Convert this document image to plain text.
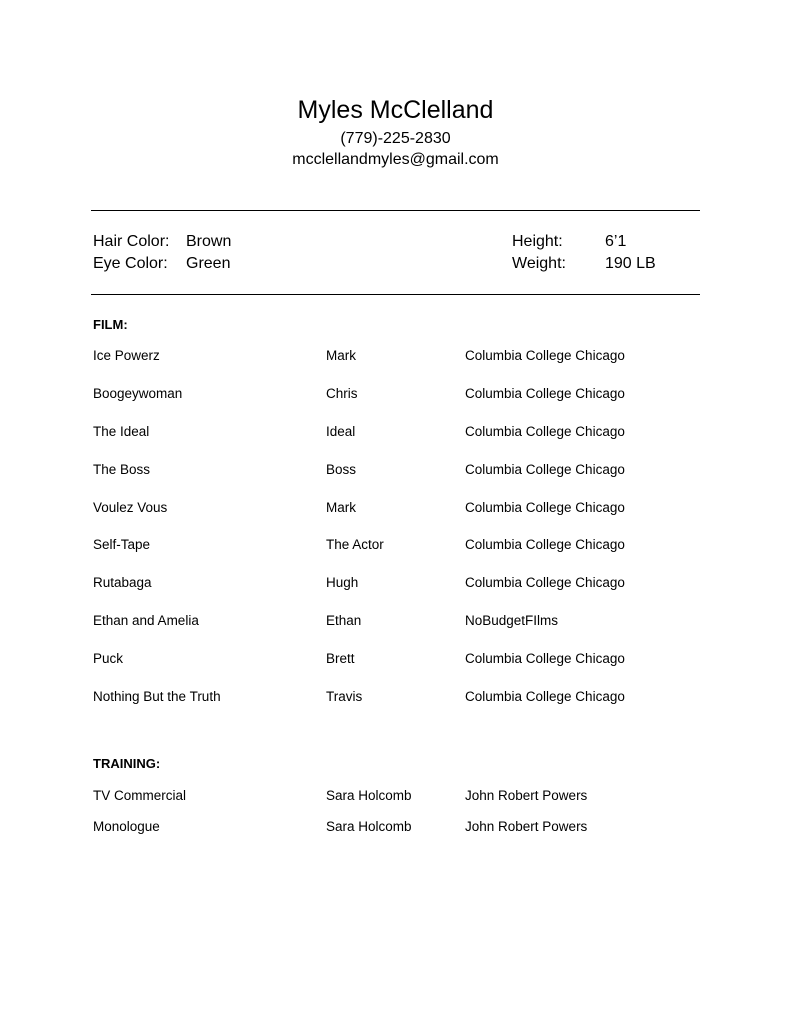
Myles McClelland
(779)-225-2830
mcclellandmyles@gmail.com
Hair Color: Brown	Height:	6’1
Eye Color: Green	Weight: 190 LB
FILM:
Ice Powerz	Mark	Columbia College Chicago
Boogeywoman	Chris	Columbia College Chicago
The Ideal	Ideal	Columbia College Chicago
The Boss	Boss	Columbia College Chicago
Voulez Vous	Mark	Columbia College Chicago
Self-Tape	The Actor	Columbia College Chicago
Rutabaga	Hugh	Columbia College Chicago
Ethan and Amelia	Ethan	NoBudgetFIlms
Puck	Brett	Columbia College Chicago
Nothing But the Truth	Travis	Columbia College Chicago
TRAINING:
TV Commercial	Sara Holcomb	John Robert Powers
Monologue	Sara Holcomb	John Robert Powers
